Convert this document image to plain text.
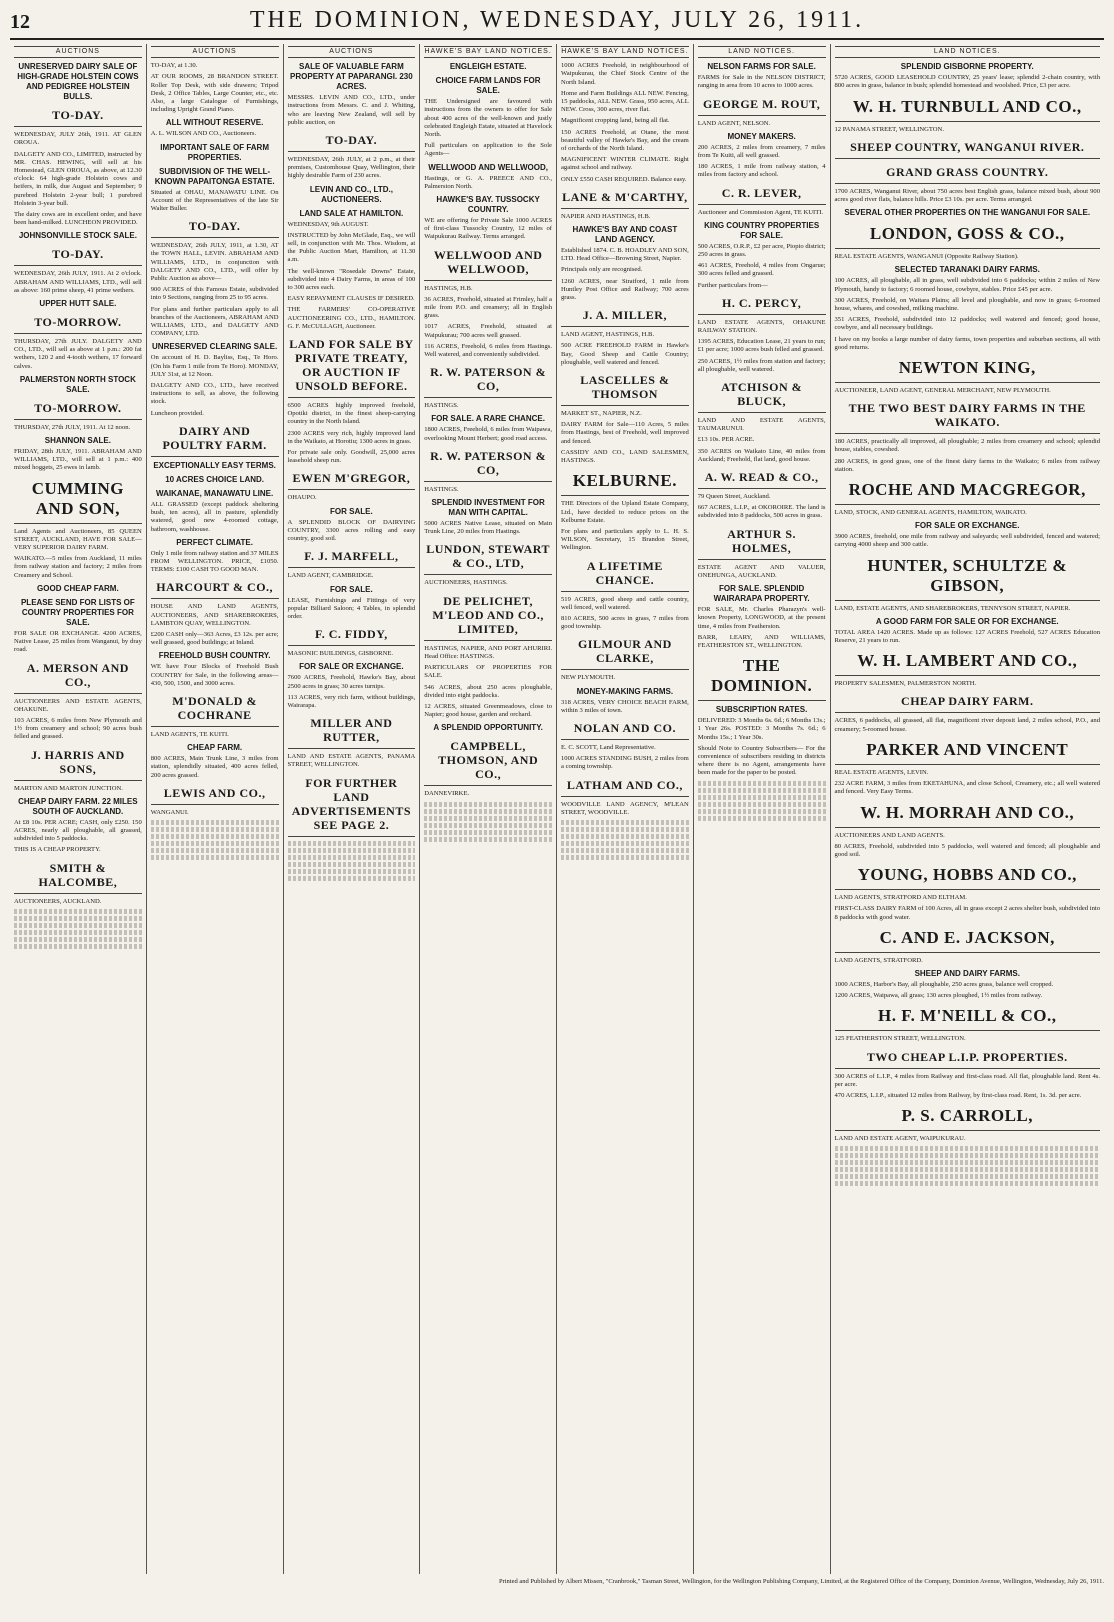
12	THE DOMINION, WEDNESDAY, JULY 26, 1911.
AUCTIONS
UNRESERVED DAIRY SALE OF HIGH-GRADE HOLSTEIN COWS AND PEDIGREE HOLSTEIN BULLS.
TO-DAY.
WEDNESDAY, JULY 26th, 1911. AT GLEN OROUA.
DALGETY AND CO., LIMITED, instructed by MR. CHAS. HEWING, will sell at his Homestead, GLEN OROUA, as above, at 12.30 o'clock: 64 high-grade Holstein cows and heifers, in milk, due August and September; 9 purebred Holstein 2-year bull; 1 purebred Holstein 3-year bull.
The dairy cows are in excellent order, and have been hand-milked. LUNCHEON PROVIDED.
JOHNSONVILLE STOCK SALE.
TO-DAY.
WEDNESDAY, 26th JULY, 1911. At 2 o'clock. ABRAHAM AND WILLIAMS, LTD., will sell as above: 160 prime sheep, 41 prime wethers.
UPPER HUTT SALE.
TO-MORROW.
THURSDAY, 27th JULY. DALGETY AND CO., LTD., will sell as above at 1 p.m.: 200 fat wethers, 120 2 and 4-tooth wethers, 17 forward calves.
PALMERSTON NORTH STOCK SALE.
TO-MORROW.
THURSDAY, 27th JULY, 1911. At 12 noon.
SHANNON SALE.
FRIDAY, 28th JULY, 1911. ABRAHAM AND WILLIAMS, LTD., will sell at 1 p.m.: 400 mixed hoggets, 25 ewes in lamb.
CUMMING AND SON,
Land Agents and Auctioneers, 85 QUEEN STREET, AUCKLAND, HAVE FOR SALE— VERY SUPERIOR DAIRY FARM.
WAIKATO.—5 miles from Auckland, 11 miles from railway station and factory; 2 miles from Creamery and School.
GOOD CHEAP FARM.
PLEASE SEND FOR LISTS OF COUNTRY PROPERTIES FOR SALE.
FOR SALE OR EXCHANGE. 4200 ACRES, Native Lease, 25 miles from Wanganui, by dray road.
A. MERSON AND CO.,
AUCTIONEERS AND ESTATE AGENTS, OHAKUNE.
103 ACRES, 6 miles from New Plymouth and 1½ from creamery and school; 90 acres bush felled and grassed.
J. HARRIS AND SONS,
MARTON AND MARTON JUNCTION.
CHEAP DAIRY FARM. 22 MILES SOUTH OF AUCKLAND.
At £8 10s. PER ACRE; CASH, only £250. 150 ACRES, nearly all ploughable, all grassed, subdivided into 5 paddocks.
THIS IS A CHEAP PROPERTY.
SMITH & HALCOMBE,
AUCTIONEERS, AUCKLAND.
AUCTIONS
TO-DAY, at 1.30.
AT OUR ROOMS, 28 BRANDON STREET. Roller Top Desk, with side drawers; Tripod Desk, 2 Office Tables, Large Counter, etc., etc. Also, a large Catalogue of Furnishings, including Upright Grand Piano.
ALL WITHOUT RESERVE.
A. L. WILSON AND CO., Auctioneers.
IMPORTANT SALE OF FARM PROPERTIES.
SUBDIVISION OF THE WELL-KNOWN PAPAITONGA ESTATE.
Situated at OHAU, MANAWATU LINE. On Account of the Representatives of the late Sir Walter Buller.
TO-DAY.
WEDNESDAY, 26th JULY, 1911, at 1.30, AT the TOWN HALL, LEVIN. ABRAHAM AND WILLIAMS, LTD., in conjunction with DALGETY AND CO., LTD., will offer by Public Auction as above—
900 ACRES of this Famous Estate, subdivided into 9 Sections, ranging from 25 to 95 acres.
For plans and further particulars apply to all branches of the Auctioneers, ABRAHAM AND WILLIAMS, LTD., and DALGETY AND COMPANY, LTD.
UNRESERVED CLEARING SALE.
On account of H. D. Bayliss, Esq., Te Horo. (On his Farm 1 mile from Te Horo). MONDAY, JULY 31st, at 12 Noon.
DALGETY AND CO., LTD., have received instructions to sell, as above, the following stock.
Luncheon provided.
DAIRY AND POULTRY FARM.
EXCEPTIONALLY EASY TERMS.
10 ACRES CHOICE LAND.
WAIKANAE, MANAWATU LINE.
ALL GRASSED (except paddock sheltering bush, ten acres), all in pasture, splendidly watered, good new 4-roomed cottage, bathroom, washhouse.
PERFECT CLIMATE.
Only 1 mile from railway station and 37 MILES FROM WELLINGTON. PRICE, £1050. TERMS: £100 CASH TO GOOD MAN.
HARCOURT & CO.,
HOUSE AND LAND AGENTS, AUCTIONEERS, AND SHAREBROKERS, LAMBTON QUAY, WELLINGTON.
£200 CASH only—363 Acres, £3 12s. per acre; well grassed, good buildings; at Inland.
FREEHOLD BUSH COUNTRY.
WE have Four Blocks of Freehold Bush COUNTRY for Sale, in the following areas—430, 500, 1500, and 3000 acres.
M'DONALD & COCHRANE
LAND AGENTS, TE KUITI.
CHEAP FARM.
800 ACRES, Main Trunk Line, 3 miles from station, splendidly situated, 400 acres felled, 200 acres grassed.
LEWIS AND CO.,
WANGANUI.
AUCTIONS
SALE OF VALUABLE FARM PROPERTY AT PAPARANGI. 230 ACRES.
MESSRS. LEVIN AND CO., LTD., under instructions from Messrs. C. and J. Whiting, who are leaving New Zealand, will sell by public auction, on
TO-DAY.
WEDNESDAY, 26th JULY, at 2 p.m., at their premises, Customhouse Quay, Wellington, their highly desirable Farm of 230 acres.
LEVIN AND CO., LTD., AUCTIONEERS.
LAND SALE AT HAMILTON.
WEDNESDAY, 9th AUGUST.
INSTRUCTED by John McGlade, Esq., we will sell, in conjunction with Mr. Thos. Wisdom, at the Public Auction Mart, Hamilton, at 11.30 a.m.
The well-known "Rosedale Downs" Estate, subdivided into 4 Dairy Farms, in areas of 100 to 300 acres each.
EASY REPAYMENT CLAUSES IF DESIRED.
THE FARMERS' CO-OPERATIVE AUCTIONEERING CO., LTD., HAMILTON. G. F. McCULLAGH, Auctioneer.
LAND FOR SALE BY PRIVATE TREATY, OR AUCTION IF UNSOLD BEFORE.
6500 ACRES highly improved freehold, Opotiki district, in the finest sheep-carrying country in the North Island.
2300 ACRES very rich, highly improved land in the Waikato, at Horotiu; 1300 acres in grass.
For private sale only. Goodwill, 25,000 acres leasehold sheep run.
EWEN M'GREGOR,
OHAUPO.
FOR SALE.
A SPLENDID BLOCK OF DAIRYING COUNTRY, 3300 acres rolling and easy country, good soil.
F. J. MARFELL,
LAND AGENT, CAMBRIDGE.
FOR SALE.
LEASE, Furnishings and Fittings of very popular Billiard Saloon; 4 Tables, in splendid order.
F. C. FIDDY,
MASONIC BUILDINGS, GISBORNE.
FOR SALE OR EXCHANGE.
7600 ACRES, Freehold, Hawke's Bay, about 2500 acres in grass; 30 acres turnips.
113 ACRES, very rich farm, without buildings, Wairarapa.
MILLER AND RUTTER,
LAND AND ESTATE AGENTS, PANAMA STREET, WELLINGTON.
FOR FURTHER LAND ADVERTISEMENTS SEE PAGE 2.
HAWKE'S BAY LAND NOTICES.
ENGLEIGH ESTATE.
CHOICE FARM LANDS FOR SALE.
THE Undersigned are favoured with instructions from the owners to offer for Sale about 400 acres of the well-known and justly celebrated Engleigh Estate, situated at Havelock North.
Full particulars on application to the Sole Agents—
WELLWOOD AND WELLWOOD,
Hastings, or G. A. PREECE AND CO., Palmerston North.
HAWKE'S BAY. TUSSOCKY COUNTRY.
WE are offering for Private Sale 1000 ACRES of first-class Tussocky Country, 12 miles of Waipukurau Railway. Terms arranged.
WELLWOOD AND WELLWOOD,
HASTINGS, H.B.
36 ACRES, Freehold, situated at Frimley, half a mile from P.O. and creamery; all in English grass.
1017 ACRES, Freehold, situated at Waipukurau; 700 acres well grassed.
116 ACRES, Freehold, 6 miles from Hastings. Well watered, and conveniently subdivided.
R. W. PATERSON & CO,
HASTINGS.
FOR SALE. A RARE CHANCE.
1800 ACRES, Freehold, 6 miles from Waipawa, overlooking Mount Herbert; good road access.
R. W. PATERSON & CO,
HASTINGS.
SPLENDID INVESTMENT FOR MAN WITH CAPITAL.
5000 ACRES Native Lease, situated on Main Trunk Line, 20 miles from Hastings.
LUNDON, STEWART & CO., LTD,
AUCTIONEERS, HASTINGS.
DE PELICHET, M'LEOD AND CO., LIMITED,
HASTINGS, NAPIER, AND PORT AHURIRI. Head Office: HASTINGS.
PARTICULARS OF PROPERTIES FOR SALE.
546 ACRES, about 250 acres ploughable, divided into eight paddocks.
12 ACRES, situated Greenmeadows, close to Napier; good house, garden and orchard.
A SPLENDID OPPORTUNITY.
CAMPBELL, THOMSON, AND CO.,
DANNEVIRKE.
HAWKE'S BAY LAND NOTICES.
1000 ACRES Freehold, in neighbourhood of Waipukurau, the Chief Stock Centre of the North Island.
Home and Farm Buildings ALL NEW. Fencing, 15 paddocks, ALL NEW. Grass, 950 acres, ALL NEW. Cross, 300 acres, river flat.
Magnificent cropping land, being all flat.
150 ACRES Freehold, at Otane, the most beautiful valley of Hawke's Bay, and the cream of orchards of the North Island.
MAGNIFICENT WINTER CLIMATE. Right against school and railway.
ONLY £550 CASH REQUIRED. Balance easy.
LANE & M'CARTHY,
NAPIER AND HASTINGS, H.B.
HAWKE'S BAY AND COAST LAND AGENCY.
Established 1874. C. B. HOADLEY AND SON, LTD. Head Office—Browning Street, Napier.
Principals only are recognised.
1260 ACRES, near Stratford, 1 mile from Huntley Post Office and Railway; 700 acres grass.
J. A. MILLER,
LAND AGENT, HASTINGS, H.B.
500 ACRE FREEHOLD FARM in Hawke's Bay, Good Sheep and Cattle Country; ploughable, well watered and fenced.
LASCELLES & THOMSON
MARKET ST., NAPIER, N.Z.
DAIRY FARM for Sale—110 Acres, 5 miles from Hastings, best of Freehold, well improved and fenced.
CASSIDY AND CO., LAND SALESMEN, HASTINGS.
KELBURNE.
THE Directors of the Upland Estate Company, Ltd., have decided to reduce prices on the Kelburne Estate.
For plans and particulars apply to L. H. S. WILSON, Secretary, 15 Brandon Street, Wellington.
A LIFETIME CHANCE.
519 ACRES, good sheep and cattle country, well fenced, well watered.
810 ACRES, 500 acres in grass, 7 miles from good township.
GILMOUR AND CLARKE,
NEW PLYMOUTH.
MONEY-MAKING FARMS.
318 ACRES, VERY CHOICE BEACH FARM, within 3 miles of town.
NOLAN AND CO.
E. C. SCOTT, Land Representative.
1000 ACRES STANDING BUSH, 2 miles from a coming township.
LATHAM AND CO.,
WOODVILLE LAND AGENCY, M'LEAN STREET, WOODVILLE.
LAND NOTICES.
NELSON FARMS FOR SALE.
FARMS for Sale in the NELSON DISTRICT, ranging in area from 10 acres to 1000 acres.
GEORGE M. ROUT,
LAND AGENT, NELSON.
MONEY MAKERS.
200 ACRES, 2 miles from creamery, 7 miles from Te Kuiti, all well grassed.
180 ACRES, 1 mile from railway station, 4 miles from factory and school.
C. R. LEVER,
Auctioneer and Commission Agent, TE KUITI.
KING COUNTRY PROPERTIES FOR SALE.
500 ACRES, O.R.P., £2 per acre, Piopio district; 250 acres in grass.
461 ACRES, Freehold, 4 miles from Ongarue; 300 acres felled and grassed.
Further particulars from—
H. C. PERCY,
LAND ESTATE AGENTS, OHAKUNE RAILWAY STATION.
1395 ACRES, Education Lease, 21 years to run; £1 per acre; 1000 acres bush felled and grassed.
250 ACRES, 1½ miles from station and factory; all ploughable, well watered.
ATCHISON & BLUCK,
LAND AND ESTATE AGENTS, TAUMARUNUI.
£13 10s. PER ACRE.
350 ACRES on Waikato Line, 40 miles from Auckland; Freehold, flat land, good house.
A. W. READ & CO.,
79 Queen Street, Auckland.
667 ACRES, L.I.P., at OKOROIRE. The land is subdivided into 8 paddocks, 500 acres in grass.
ARTHUR S. HOLMES,
ESTATE AGENT AND VALUER, ONEHUNGA, AUCKLAND.
FOR SALE. SPLENDID WAIRARAPA PROPERTY.
FOR SALE, Mr. Charles Pharazyn's well-known Property, LONGWOOD, at the present time, 4 miles from Featherston.
BARR, LEARY, AND WILLIAMS, FEATHERSTON ST., WELLINGTON.
THE DOMINION.
SUBSCRIPTION RATES.
DELIVERED: 3 Months 6s. 6d.; 6 Months 13s.; 1 Year 26s. POSTED: 3 Months 7s. 6d.; 6 Months 15s.; 1 Year 30s.
Should Note to Country Subscribers— For the convenience of subscribers residing in districts where there is no Agent, arrangements have been made for the paper to be posted.
LAND NOTICES.
SPLENDID GISBORNE PROPERTY.
5720 ACRES, GOOD LEASEHOLD COUNTRY, 25 years' lease; splendid 2-chain country, with 800 acres in grass, balance in bush; splendid homestead and woolshed. Price, £3 per acre.
W. H. TURNBULL AND CO.,
12 PANAMA STREET, WELLINGTON.
SHEEP COUNTRY, WANGANUI RIVER.
GRAND GRASS COUNTRY.
1700 ACRES, Wanganui River, about 750 acres best English grass, balance mixed bush, about 900 acres good river flats, balance hills. Price £3 10s. per acre. Terms arranged.
SEVERAL OTHER PROPERTIES ON THE WANGANUI FOR SALE.
LONDON, GOSS & CO.,
REAL ESTATE AGENTS, WANGANUI (Opposite Railway Station).
SELECTED TARANAKI DAIRY FARMS.
100 ACRES, all ploughable, all in grass, well subdivided into 6 paddocks; within 2 miles of New Plymouth, handy to factory; 6 roomed house, cowbyre, stables. Price £45 per acre.
300 ACRES, Freehold, on Waitara Plains; all level and ploughable, and now in grass; 6-roomed house, whares, and cowshed, milking machine.
351 ACRES, Freehold, subdivided into 12 paddocks; well watered and fenced; good house, cowbyre, and all necessary buildings.
I have on my books a large number of dairy farms, town properties and suburban sections, all with good returns.
NEWTON KING,
AUCTIONEER, LAND AGENT, GENERAL MERCHANT, NEW PLYMOUTH.
THE TWO BEST DAIRY FARMS IN THE WAIKATO.
180 ACRES, practically all improved, all ploughable; 2 miles from creamery and school; splendid house, stables, cowshed.
280 ACRES, in good grass, one of the finest dairy farms in the Waikato; 6 miles from railway station.
ROCHE AND MACGREGOR,
LAND, STOCK, AND GENERAL AGENTS, HAMILTON, WAIKATO.
FOR SALE OR EXCHANGE.
3900 ACRES, freehold, one mile from railway and saleyards; well subdivided, fenced and watered; carrying 4000 sheep and 300 cattle.
HUNTER, SCHULTZE & GIBSON,
LAND, ESTATE AGENTS, AND SHAREBROKERS, TENNYSON STREET, NAPIER.
A GOOD FARM FOR SALE OR FOR EXCHANGE.
TOTAL AREA 1420 ACRES. Made up as follows: 127 ACRES Freehold, 527 ACRES Education Reserve, 21 years to run.
W. H. LAMBERT AND CO.,
PROPERTY SALESMEN, PALMERSTON NORTH.
CHEAP DAIRY FARM.
ACRES, 6 paddocks, all grassed, all flat, magnificent river deposit land, 2 miles school, P.O., and creamery; 5-roomed house.
PARKER AND VINCENT
REAL ESTATE AGENTS, LEVIN.
232 ACRE FARM, 3 miles from EKETAHUNA, and close School, Creamery, etc.; all well watered and fenced. Very Easy Terms.
W. H. MORRAH AND CO.,
AUCTIONEERS AND LAND AGENTS.
80 ACRES, Freehold, subdivided into 5 paddocks, well watered and fenced; all ploughable and good soil.
YOUNG, HOBBS AND CO.,
LAND AGENTS, STRATFORD AND ELTHAM.
FIRST-CLASS DAIRY FARM of 100 Acres, all in grass except 2 acres shelter bush, subdivided into 8 paddocks with good water.
C. AND E. JACKSON,
LAND AGENTS, STRATFORD.
SHEEP AND DAIRY FARMS.
1000 ACRES, Harbor's Bay, all ploughable, 250 acres grass, balance well cropped.
1200 ACRES, Waipawa, all grass; 130 acres ploughed, 1½ miles from railway.
H. F. M'NEILL & CO.,
125 FEATHERSTON STREET, WELLINGTON.
TWO CHEAP L.I.P. PROPERTIES.
300 ACRES of L.I.P., 4 miles from Railway and first-class road. All flat, ploughable land. Rent 4s. per acre.
470 ACRES, L.I.P., situated 12 miles from Railway, by first-class road. Rent, 1s. 3d. per acre.
P. S. CARROLL,
LAND AND ESTATE AGENT, WAIPUKURAU.
Printed and Published by Albert Missen, "Cranbrook," Tasman Street, Wellington, for the Wellington Publishing Company, Limited, at the Registered Office of the Company, Dominion Avenue, Wellington, Wednesday, July 26, 1911.
